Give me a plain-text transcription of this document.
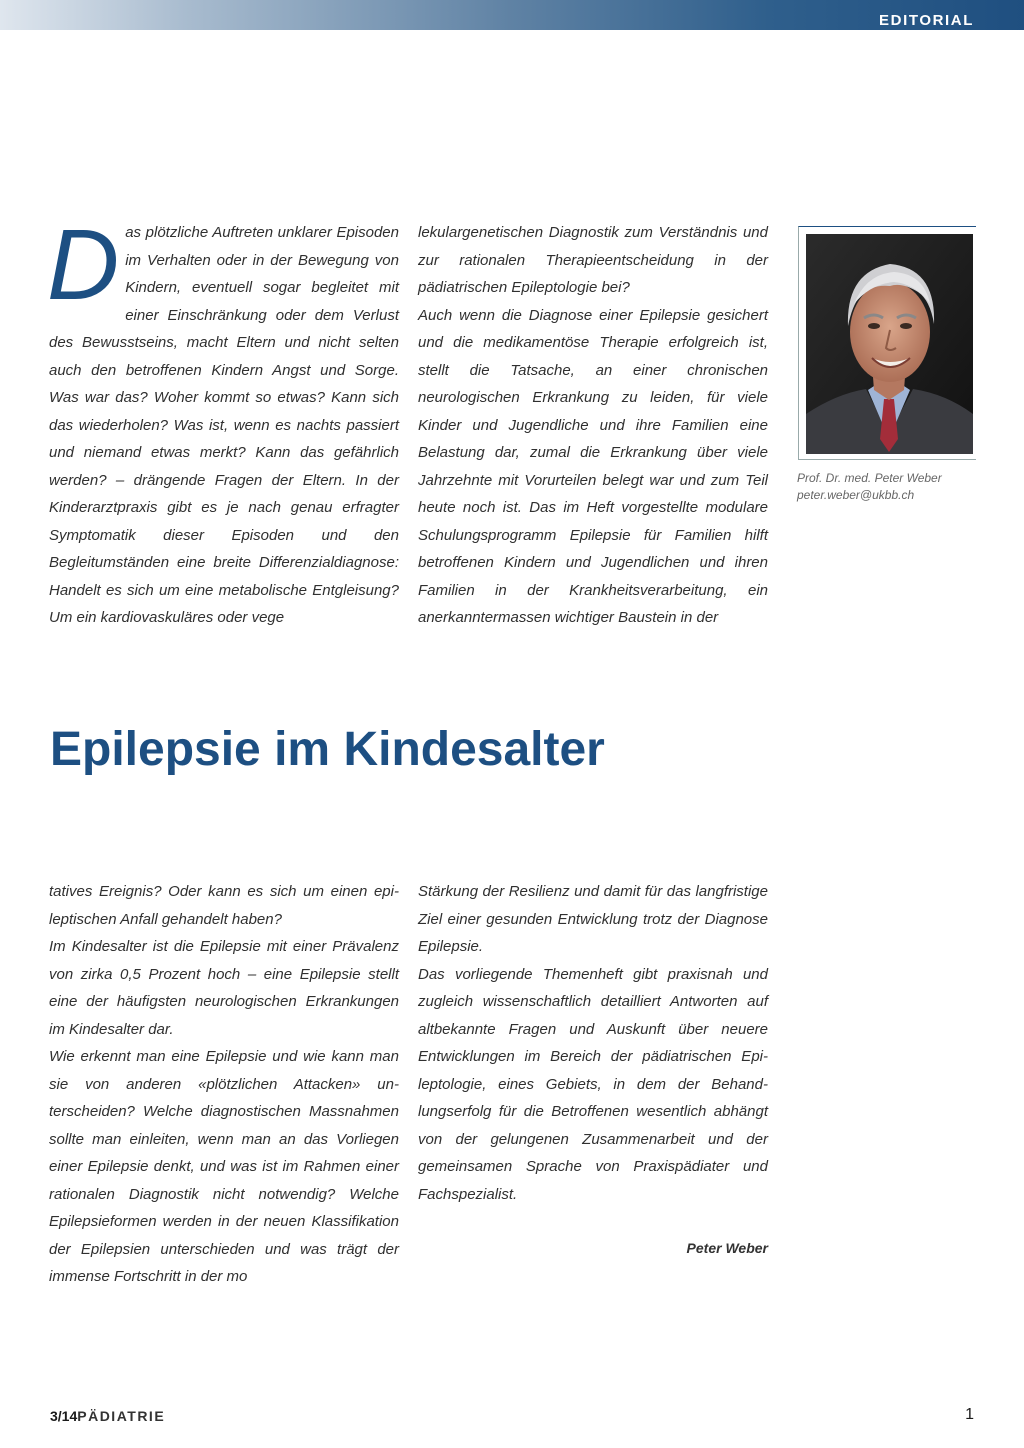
EDITORIAL
D as plötzliche Auftreten unklarer Episoden im Verhalten oder in der Bewegung von Kindern, eventuell sogar begleitet mit einer Einschränkung oder dem Verlust des Bewusstseins, macht Eltern und nicht selten auch den betroffenen Kindern Angst und Sorge. Was war das? Woher kommt so etwas? Kann sich das wiederholen? Was ist, wenn es nachts passiert und niemand etwas merkt? Kann das gefährlich werden? – drängende Fragen der Eltern. In der Kinderarztpraxis gibt es je nach genau erfragter Symptomatik dieser Episoden und den Begleitumständen eine breite Differenzialdiagnose: Handelt es sich um eine metabolische Entgleisung? Um ein kardiovaskuläres oder vege

lekulargenetischen Diagnostik zum Verständnis und zur rationalen Therapieentscheidung in der pädiatrischen Epileptologie bei?

Auch wenn die Diagnose einer Epilepsie gesichert und die medikamentöse Therapie erfolgreich ist, stellt die Tatsache, an einer chronischen neurologischen Erkrankung zu leiden, für viele Kinder und Jugendliche und ihre Familien eine Belastung dar, zumal die Erkrankung über viele Jahrzehnte mit Vorurteilen belegt war und zum Teil heute noch ist. Das im Heft vorgestellte modulare Schulungsprogramm Epilepsie für Familien hilft betroffenen Kindern und Jugendlichen und ihren Familien in der Krankheitsverarbeitung, ein anerkanntermassen wichtiger Baustein in der

Prof. Dr. med. Peter Weber
peter.weber@ukbb.ch
Epilepsie im Kindesalter

tatives Ereignis? Oder kann es sich um einen epileptischen Anfall gehandelt haben?

Im Kindesalter ist die Epilepsie mit einer Prävalenz von zirka 0,5 Prozent hoch – eine Epilepsie stellt eine der häufigsten neurologischen Erkrankungen im Kindesalter dar.

Wie erkennt man eine Epilepsie und wie kann man sie von anderen «plötzlichen Attacken» unterscheiden? Welche diagnostischen Massnahmen sollte man einleiten, wenn man an das Vorliegen einer Epilepsie denkt, und was ist im Rahmen einer rationalen Diagnostik nicht notwendig? Welche Epilepsieformen werden in der neuen Klassifikation der Epilepsien unterschieden und was trägt der immense Fortschritt in der mo

Stärkung der Resilienz und damit für das langfristige Ziel einer gesunden Entwicklung trotz der Diagnose Epilepsie.

Das vorliegende Themenheft gibt praxisnah und zugleich wissenschaftlich detailliert Antworten auf altbekannte Fragen und Auskunft über neuere Entwicklungen im Bereich der pädiatrischen Epileptologie, eines Gebiets, in dem der Behandlungserfolg für die Betroffenen wesentlich abhängt von der gelungenen Zusammenarbeit und der gemeinsamen Sprache von Praxispädiater und Fachspezialist.

Peter Weber
3/14PÄDIATRIE	1
